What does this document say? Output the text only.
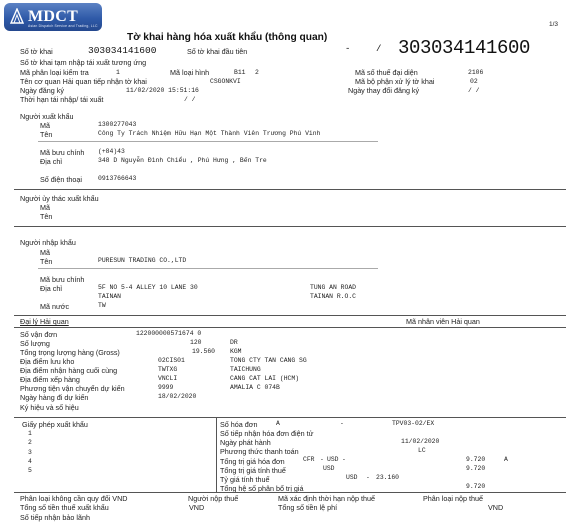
MDCT
Asian Dispatch Service and Trading, LLC	1/3
Tờ khai hàng hóa xuất khẩu (thông quan)
Số tờ khai	303034141600	Số tờ khai đầu tiên	-	/ 303034141600
Số tờ khai tạm nhập tái xuất tương ứng
Mã phân loại kiểm tra	1	Mã loại hình	B11 2	Mã số thuế đại diện	2106
Tên cơ quan Hải quan tiếp nhận tờ khai	CSGONKVI	Mã bộ phận xử lý tờ khai	02
Ngày đăng ký	11/02/2020 15:51:16	Ngày thay đổi đăng ký	/ /
Thời hạn tái nhập/ tái xuất	/ /
Người xuất khẩu
Mã	1300277043
Tên	Công Ty Trách Nhiệm Hữu Hạn Một Thành Viên Trương Phú Vinh
Mã bưu chính (+84)43
Địa chỉ	348 D Nguyễn Đình Chiểu , Phú Hưng , Bến Tre
Số điện thoại	0913766643
Người ủy thác xuất khẩu
Mã
Tên
Người nhập khẩu
Mã
Tên	PURESUN TRADING CO.,LTD
Mã bưu chính
Địa chỉ	5F NO 5-4 ALLEY 10 LANE 30	TUNG AN ROAD
TAINAN	TAINAN R.O.C
Mã nước	TW
Đại lý Hải quan	Mã nhân viên Hải quan
Số vận đơn	122000000571674 0
Số lượng	120	DR
Tổng trọng lượng hàng (Gross)	19.560 KGM
Địa điểm lưu kho	02CIS01	TONG CTY TAN CANG SG
Địa điểm nhận hàng cuối cùng	TWTXG	TAICHUNG
Địa điểm xếp hàng	VNCLI	CANG CAT LAI (HCM)
Phương tiện vận chuyển dự kiến	9999	AMALIA C 074B
Ngày hàng đi dự kiến	18/02/2020
Ký hiệu và số hiệu
Giấy phép xuất khẩu
1
2
3
4
5
Số hóa đơn	A	-	TPV03-02/EX
Số tiếp nhận hóa đơn điện tử
Ngày phát hành	11/02/2020
Phương thức thanh toán	LC
Tổng trị giá hóa đơn	CFR - USD -	9.720	A
Tổng trị giá tính thuế	USD	9.720
Tỷ giá tính thuế	USD - 23.160
Tổng hệ số phân bổ trị giá	9.720
Phân loại không cần quy đổi VND	Người nộp thuế	Mã xác định thời hạn nộp thuế	Phân loại nộp thuế
Tổng số tiền thuế xuất khẩu	VND	Tổng số tiền lệ phí	VND
Số tiếp nhận bảo lãnh
